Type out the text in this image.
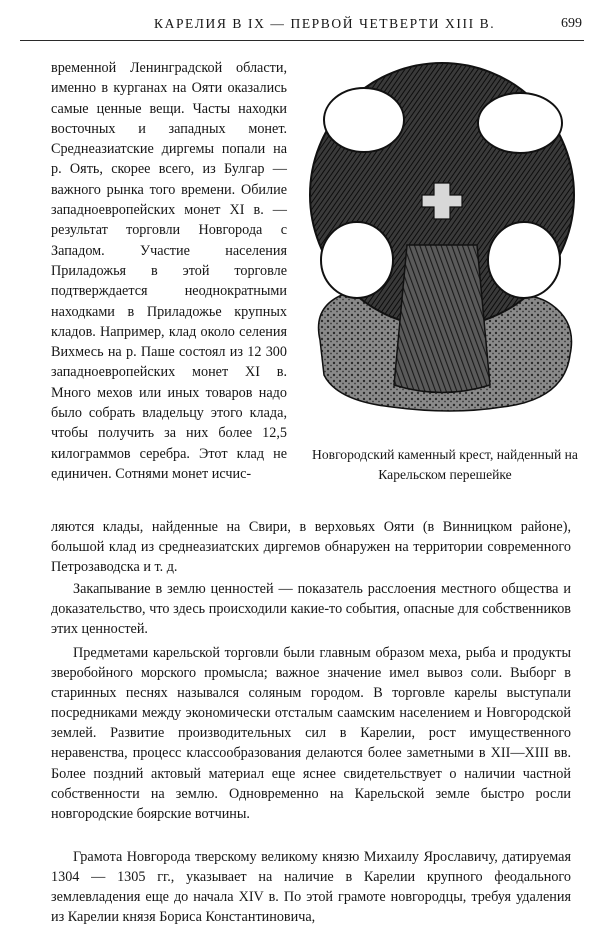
КАРЕЛИЯ В IX — ПЕРВОЙ ЧЕТВЕРТИ XIII В.	699

временной Ленинградской области, именно в курганах на Ояти оказались самые ценные вещи. Часты находки восточных и западных монет. Среднеазиатские диргемы попали на р. Оять, скорее всего, из Булгар — важного рынка того времени. Обилие западноевропейских монет XI в. — результат торговли Новгорода с Западом. Участие населения Приладожья в этой торговле подтверждается неоднократными находками в Приладожье крупных кладов. Например, клад около селения Вихмесь на р. Паше состоял из 12 300 западноевропейских монет XI в. Много мехов или иных товаров надо было собрать владельцу этого клада, чтобы получить за них более 12,5 килограммов серебра. Этот клад не единичен. Сотнями монет исчис-

Новгородский каменный крест, найденный на Карельском перешейке

ляются клады, найденные на Свири, в верховьях Ояти (в Винницком районе), большой клад из среднеазиатских диргемов обнаружен на территории современного Петрозаводска и т. д.

Закапывание в землю ценностей — показатель расслоения местного общества и доказательство, что здесь происходили какие-то события, опасные для собственников этих ценностей.

Предметами карельской торговли были главным образом меха, рыба и продукты зверобойного морского промысла; важное значение имел вывоз соли. Выборг в старинных песнях назывался соляным городом. В торговле карелы выступали посредниками между экономически отсталым саамским населением и Новгородской землей. Развитие производительных сил в Карелии, рост имущественного неравенства, процесс классообразования делаются более заметными в XII—XIII вв. Более поздний актовый материал еще яснее свидетельствует о наличии частной собственности на землю. Одновременно на Карельской земле быстро росли новгородские боярские вотчины.

Грамота Новгорода тверскому великому князю Михаилу Ярославичу, датируемая 1304 — 1305 гг., указывает на наличие в Карелии крупного феодального землевладения еще до начала XIV в. По этой грамоте новгородцы, требуя удаления из Карелии князя Бориса Константиновича,
